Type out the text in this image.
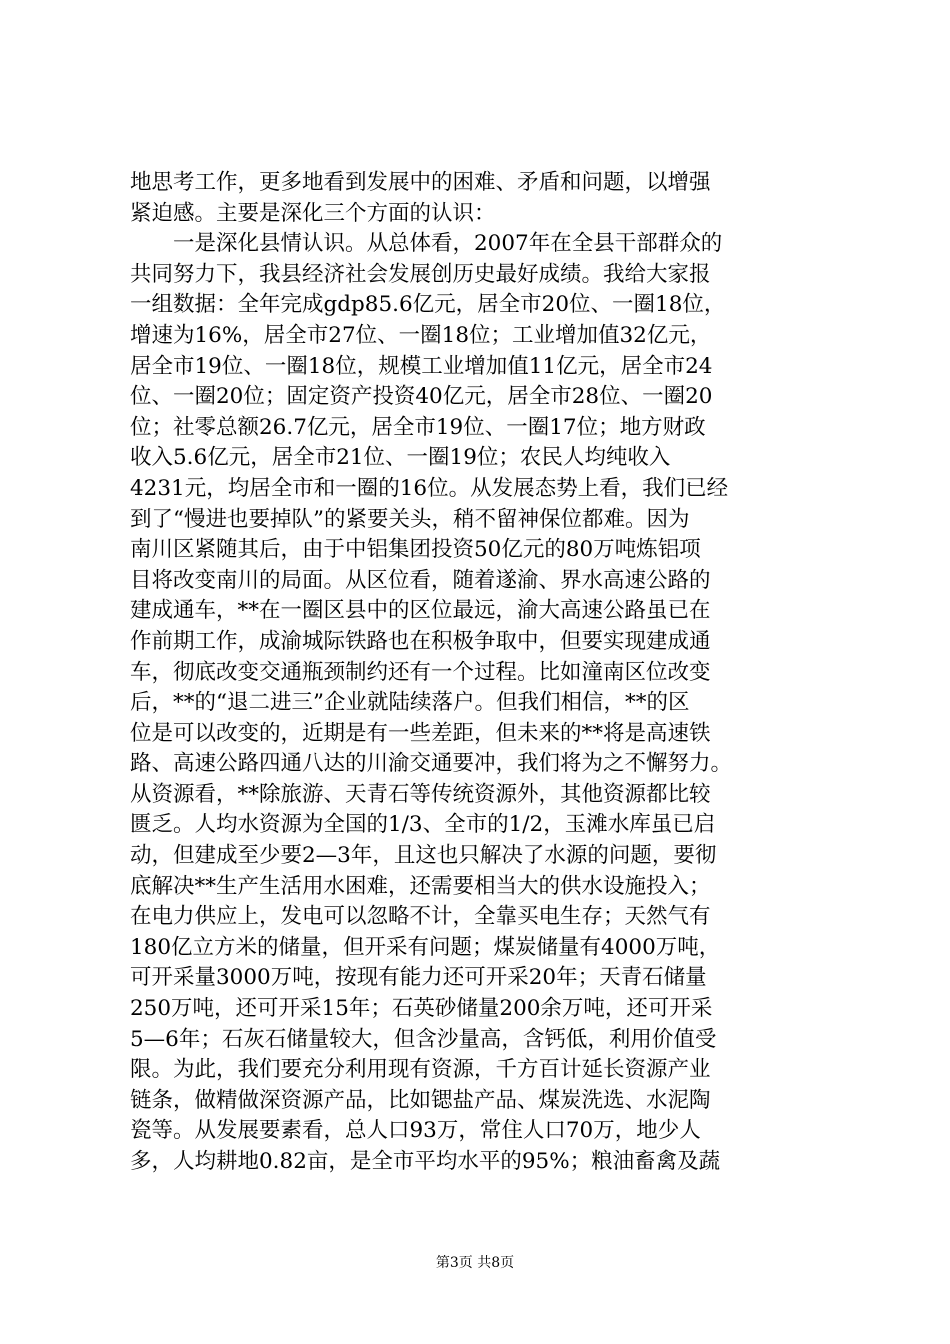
地思考工作，更多地看到发展中的困难、矛盾和问题，以增强
紧迫感。主要是深化三个方面的认识：
　　一是深化县情认识。从总体看，2007年在全县干部群众的
共同努力下，我县经济社会发展创历史最好成绩。我给大家报
一组数据：全年完成gdp85.6亿元，居全市20位、一圈18位，
增速为16%，居全市27位、一圈18位；工业增加值32亿元，
居全市19位、一圈18位，规模工业增加值11亿元，居全市24
位、一圈20位；固定资产投资40亿元，居全市28位、一圈20
位；社零总额26.7亿元，居全市19位、一圈17位；地方财政
收入5.6亿元，居全市21位、一圈19位；农民人均纯收入
4231元，均居全市和一圈的16位。从发展态势上看，我们已经
到了“慢进也要掉队”的紧要关头，稍不留神保位都难。因为
南川区紧随其后，由于中铝集团投资50亿元的80万吨炼铝项
目将改变南川的局面。从区位看，随着遂渝、界水高速公路的
建成通车，**在一圈区县中的区位最远，渝大高速公路虽已在
作前期工作，成渝城际铁路也在积极争取中，但要实现建成通
车，彻底改变交通瓶颈制约还有一个过程。比如潼南区位改变
后，**的“退二进三”企业就陆续落户。但我们相信，**的区
位是可以改变的，近期是有一些差距，但未来的**将是高速铁
路、高速公路四通八达的川渝交通要冲，我们将为之不懈努力。
从资源看，**除旅游、天青石等传统资源外，其他资源都比较
匮乏。人均水资源为全国的1/3、全市的1/2，玉滩水库虽已启
动，但建成至少要2—3年，且这也只解决了水源的问题，要彻
底解决**生产生活用水困难，还需要相当大的供水设施投入；
在电力供应上，发电可以忽略不计，全靠买电生存；天然气有
180亿立方米的储量，但开采有问题；煤炭储量有4000万吨，
可开采量3000万吨，按现有能力还可开采20年；天青石储量
250万吨，还可开采15年；石英砂储量200余万吨，还可开采
5—6年；石灰石储量较大，但含沙量高，含钙低，利用价值受
限。为此，我们要充分利用现有资源，千方百计延长资源产业
链条，做精做深资源产品，比如锶盐产品、煤炭洗选、水泥陶
瓷等。从发展要素看，总人口93万，常住人口70万，地少人
多，人均耕地0.82亩，是全市平均水平的95%；粮油畜禽及蔬
第3页 共8页
